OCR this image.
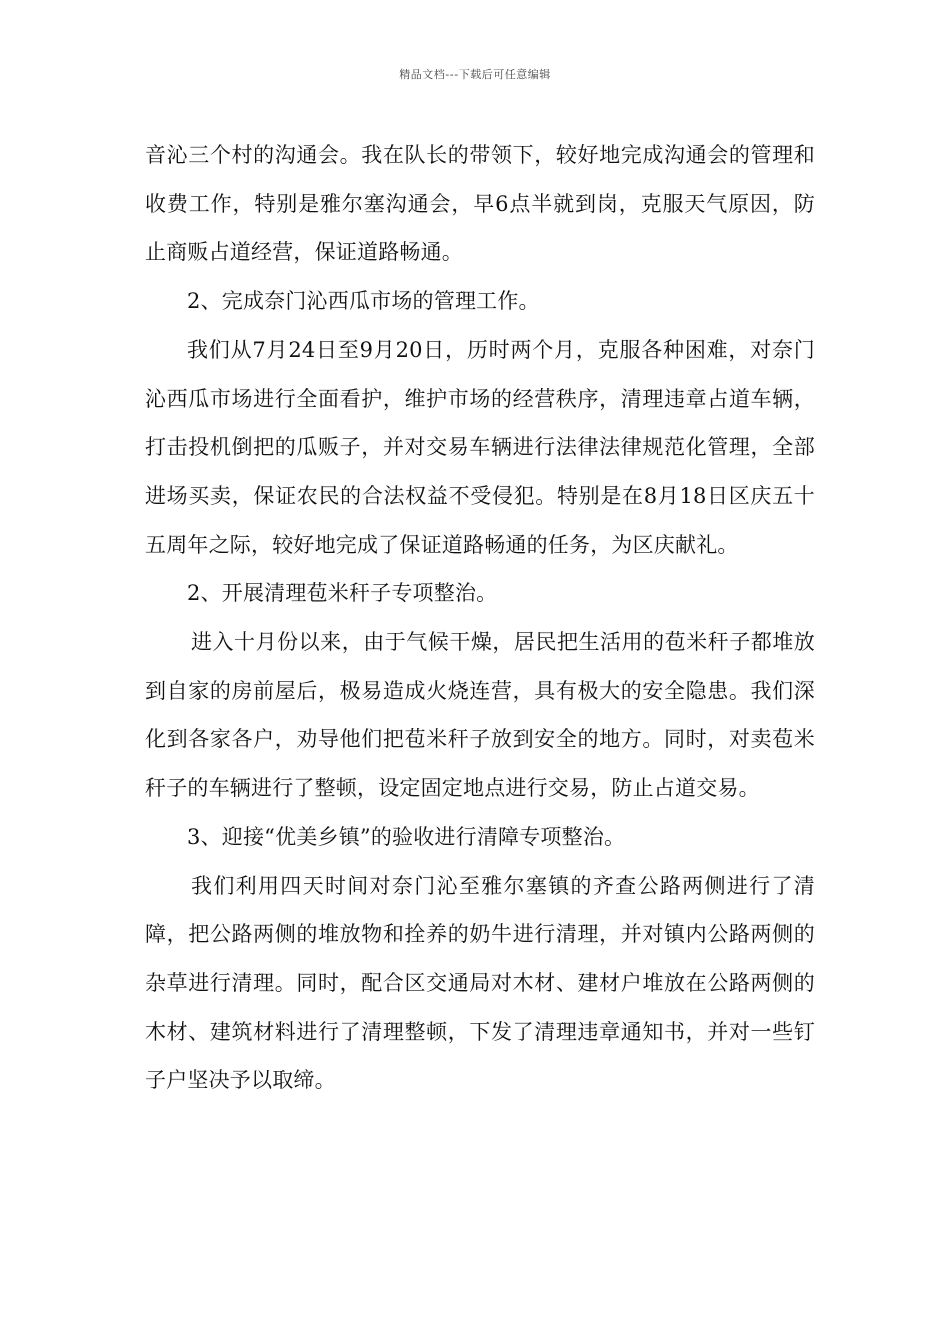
精品文档---下载后可任意编辑

音沁三个村的沟通会。我在队长的带领下，较好地完成沟通会的管理和收费工作，特别是雅尔塞沟通会，早6点半就到岗，克服天气原因，防止商贩占道经营，保证道路畅通。

2、完成奈门沁西瓜市场的管理工作。

我们从7月24日至9月20日，历时两个月，克服各种困难，对奈门沁西瓜市场进行全面看护，维护市场的经营秩序，清理违章占道车辆，打击投机倒把的瓜贩子，并对交易车辆进行法律法律规范化管理，全部进场买卖，保证农民的合法权益不受侵犯。特别是在8月18日区庆五十五周年之际，较好地完成了保证道路畅通的任务，为区庆献礼。

2、开展清理苞米秆子专项整治。

进入十月份以来，由于气候干燥，居民把生活用的苞米秆子都堆放到自家的房前屋后，极易造成火烧连营，具有极大的安全隐患。我们深化到各家各户，劝导他们把苞米秆子放到安全的地方。同时，对卖苞米秆子的车辆进行了整顿，设定固定地点进行交易，防止占道交易。

3、迎接“优美乡镇”的验收进行清障专项整治。

我们利用四天时间对奈门沁至雅尔塞镇的齐查公路两侧进行了清障，把公路两侧的堆放物和拴养的奶牛进行清理，并对镇内公路两侧的杂草进行清理。同时，配合区交通局对木材、建材户堆放在公路两侧的木材、建筑材料进行了清理整顿，下发了清理违章通知书，并对一些钉子户坚决予以取缔。
